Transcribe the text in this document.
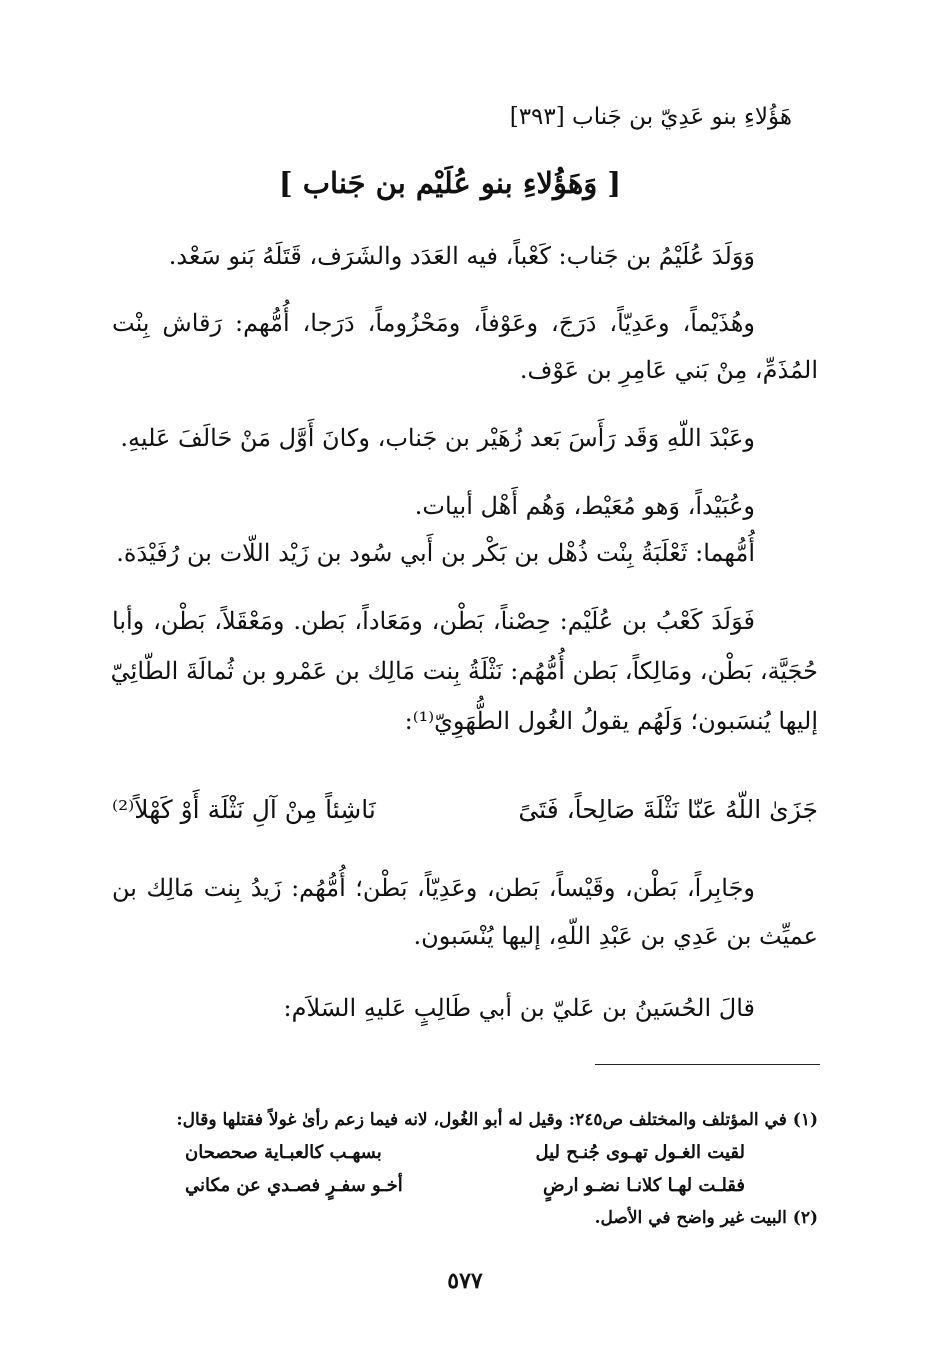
هَؤُلاءِ بنو عَدِيّ بن جَناب [٣٩٣]
[ وَهَؤُلاءِ بنو عُلَيْم بن جَناب ]
وَوَلَدَ عُلَيْمُ بن جَناب: كَعْباً، فيه العَدَد والشَرَف، قَتَلَهُ بَنو سَعْد.
وهُذَيْماً، وعَدِيّاً، دَرَجَ، وعَوْفاً، ومَحْزُوماً، دَرَجا، أُمُّهم: رَقاش بِنْت
المُذَمِّ، مِنْ بَني عَامِرِ بن عَوْف.
وعَبْدَ اللّهِ وَقَد رَأَسَ بَعد زُهَيْر بن جَناب، وكانَ أَوَّل مَنْ حَالَفَ عَليهِ.
وعُبَيْداً، وَهو مُعَيْط، وَهُم أَهْل أبيات.
أُمُّهما: ثَعْلَبَةُ بِنْت ذُهْل بن بَكْر بن أَبي سُود بن زَيْد اللّات بن رُفَيْدَة.
فَوَلَدَ كَعْبُ بن عُلَيْم: حِصْناً، بَطْن، ومَعَاداً، بَطن. ومَعْقَلاً، بَطْن، وأبا
حُجَيَّة، بَطْن، ومَالِكاً، بَطن أُمُّهُم: نَثْلَةُ بِنت مَالِك بن عَمْرو بن ثُمالَةَ الطّائِيّ
إليها يُنسَبون؛ وَلَهُم يقولُ الغُول الطُّهَوِيّ⁽¹⁾:
جَزَىٰ اللّهُ عَنّا نَثْلَةَ صَالِحاً، فَتَىً
نَاشِئاً مِنْ آلِ نَثْلَة أَوْ كَهْلاً⁽²⁾
وجَابِراً، بَطْن، وقَيْساً، بَطن، وعَدِيّاً، بَطْن؛ أُمُّهُم: زَيدُ بِنت مَالِك بن
عميِّث بن عَدِي بن عَبْدِ اللّهِ، إليها يُنْسَبون.
قالَ الحُسَينُ بن عَليّ بن أبي طَالِبٍ عَليهِ السَلاَم:
(١) في المؤتلف والمختلف ص٢٤٥: وقيل له أبو الغُول، لانه فيما زعم رأىٰ غولاً فقتلها وقال:
لقيت الغـول تهـوى جُنـح ليل
بسهـب كالعبـاية صحصحان
فقلـت لهـا كلانـا نضـو ارضٍ
أخـو سفـرٍ فصـدي عن مكاني
(٢) البيت غير واضح في الأصل.
٥٧٧
